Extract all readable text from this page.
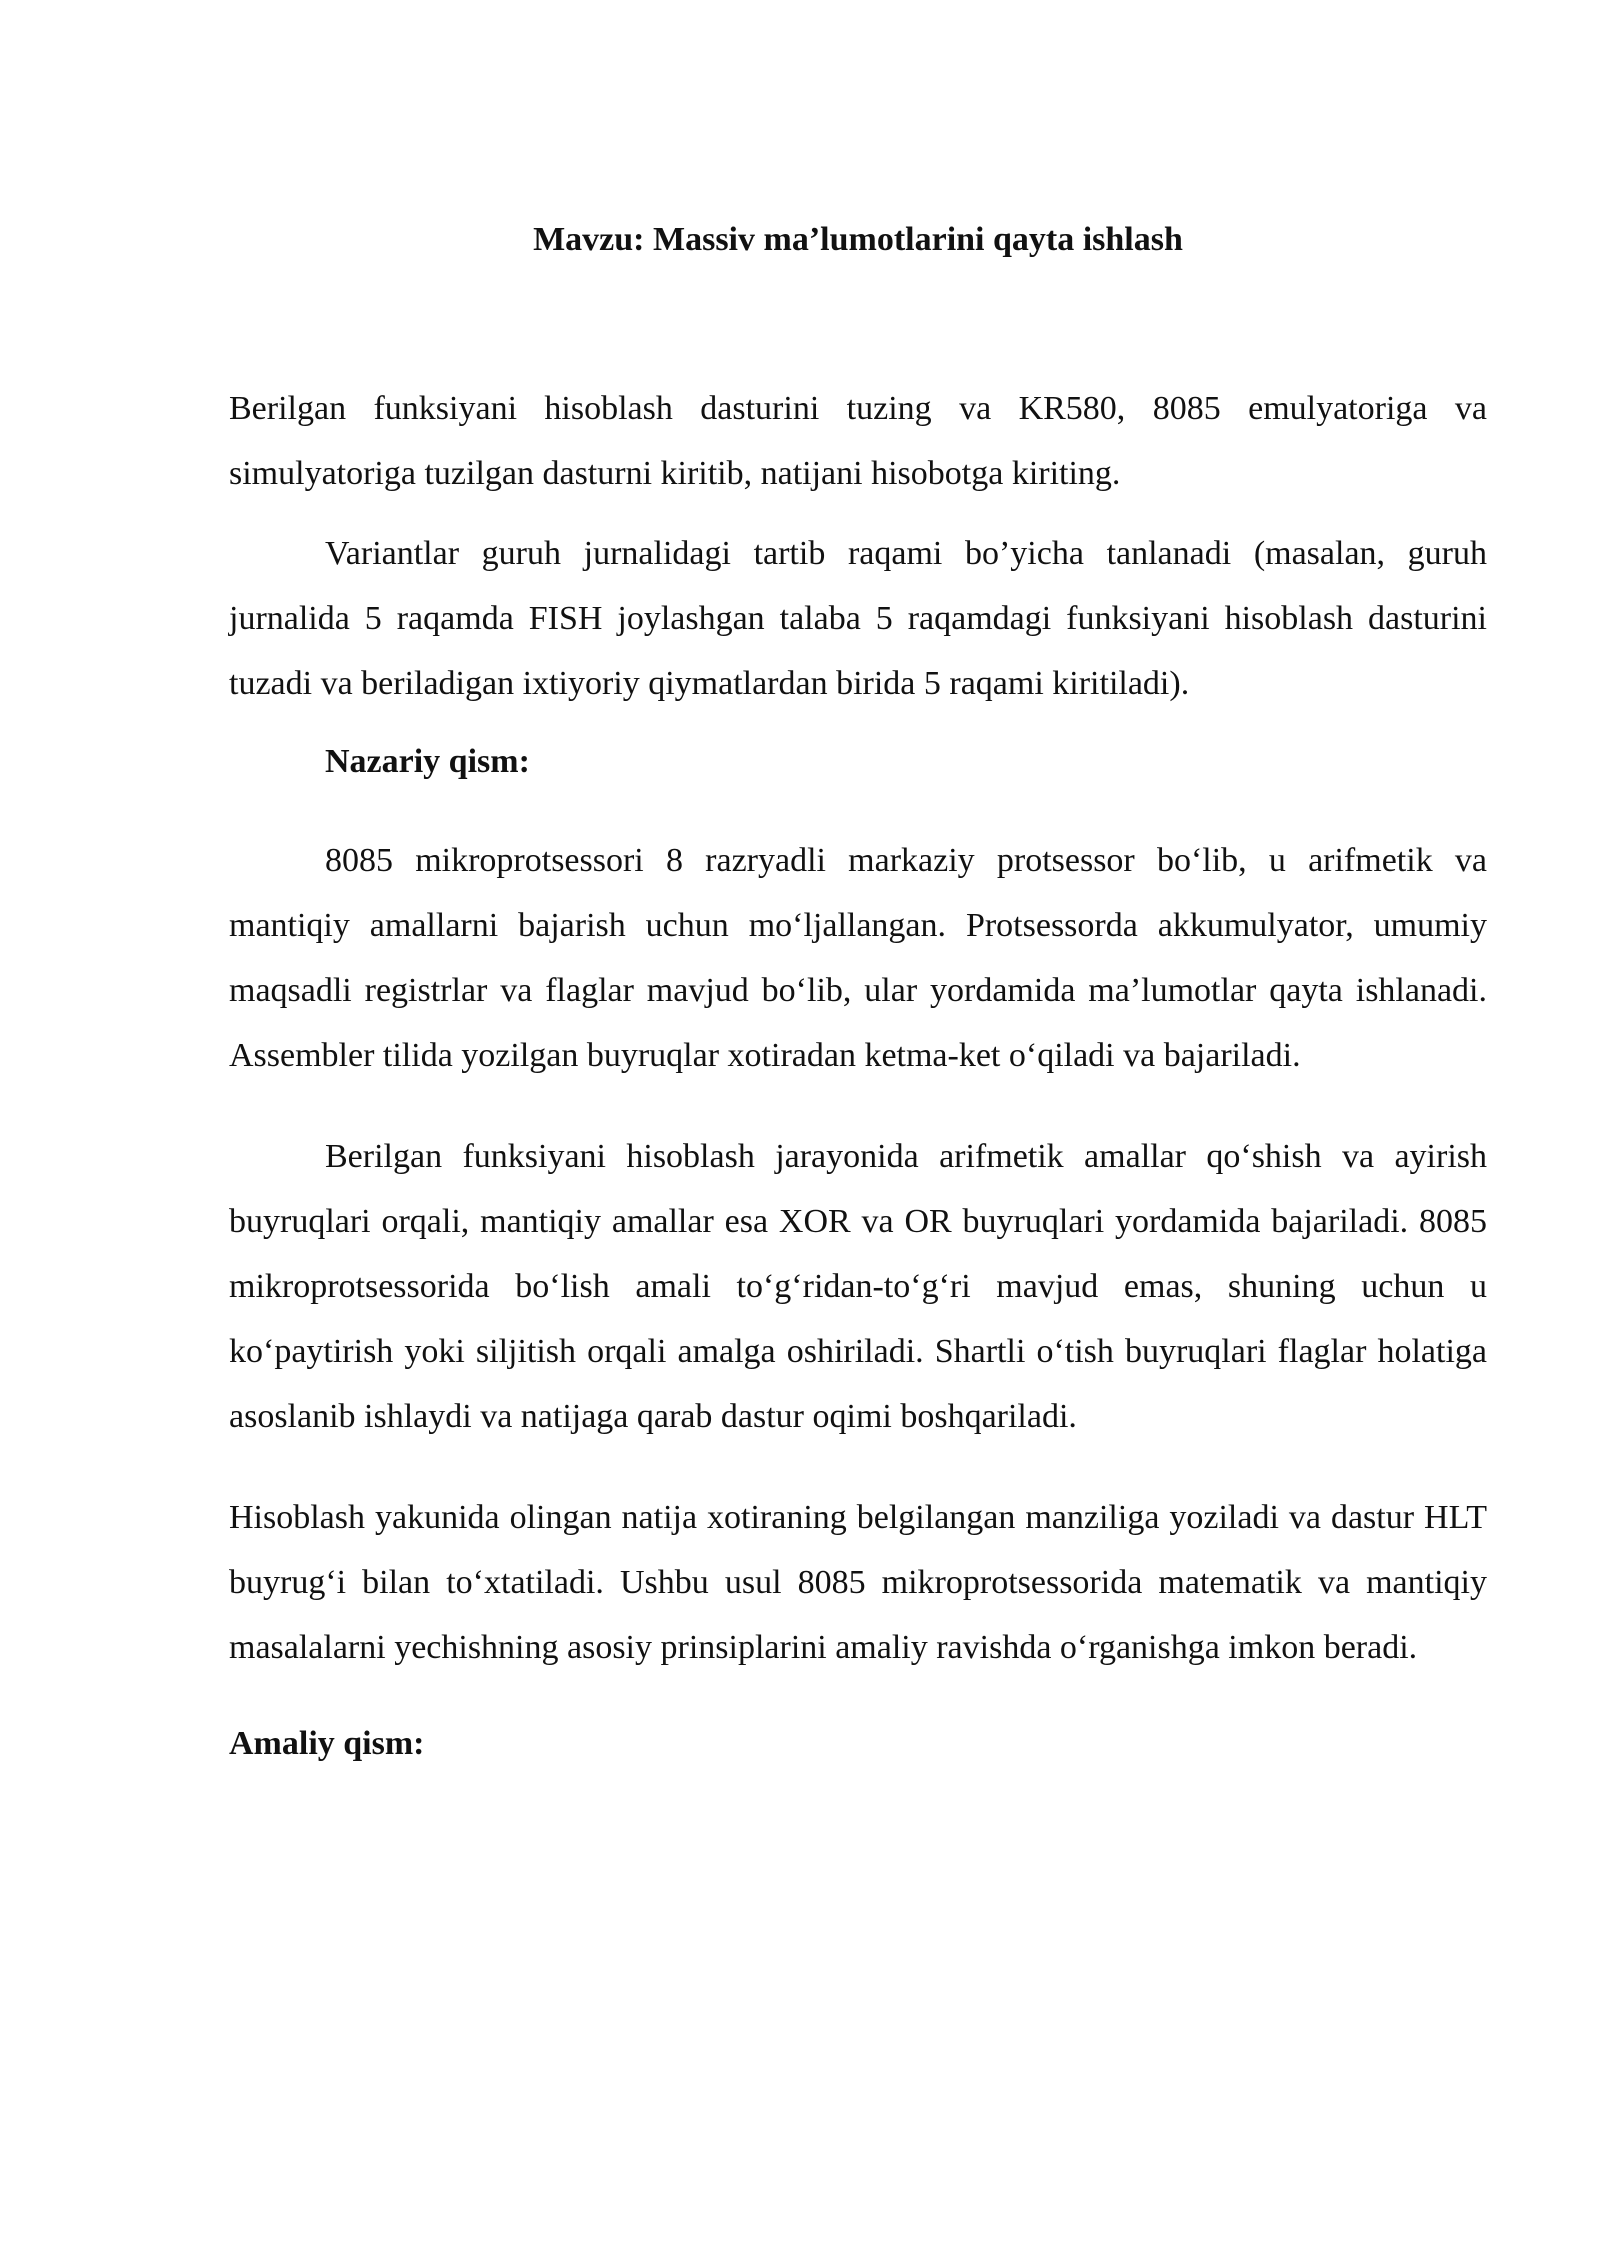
Mavzu: Massiv ma’lumotlarini qayta ishlash

Berilgan funksiyani hisoblash dasturini tuzing va KR580, 8085 emulyatoriga va simulyatoriga tuzilgan dasturni kiritib, natijani hisobotga kiriting.

Variantlar guruh jurnalidagi tartib raqami bo’yicha tanlanadi (masalan, guruh jurnalida 5 raqamda FISH joylashgan talaba 5 raqamdagi funksiyani hisoblash dasturini tuzadi va beriladigan ixtiyoriy qiymatlardan birida 5 raqami kiritiladi).

Nazariy qism:

8085 mikroprotsessori 8 razryadli markaziy protsessor bo‘lib, u arifmetik va mantiqiy amallarni bajarish uchun mo‘ljallangan. Protsessorda akkumulyator, umumiy maqsadli registrlar va flaglar mavjud bo‘lib, ular yordamida ma’lumotlar qayta ishlanadi. Assembler tilida yozilgan buyruqlar xotiradan ketma-ket o‘qiladi va bajariladi.

Berilgan funksiyani hisoblash jarayonida arifmetik amallar qo‘shish va ayirish buyruqlari orqali, mantiqiy amallar esa XOR va OR buyruqlari yordamida bajariladi. 8085 mikroprotsessorida bo‘lish amali to‘g‘ridan-to‘g‘ri mavjud emas, shuning uchun u ko‘paytirish yoki siljitish orqali amalga oshiriladi. Shartli o‘tish buyruqlari flaglar holatiga asoslanib ishlaydi va natijaga qarab dastur oqimi boshqariladi.

Hisoblash yakunida olingan natija xotiraning belgilangan manziliga yoziladi va dastur HLT buyrug‘i bilan to‘xtatiladi. Ushbu usul 8085 mikroprotsessorida matematik va mantiqiy masalalarni yechishning asosiy prinsiplarini amaliy ravishda o‘rganishga imkon beradi.

Amaliy qism:
